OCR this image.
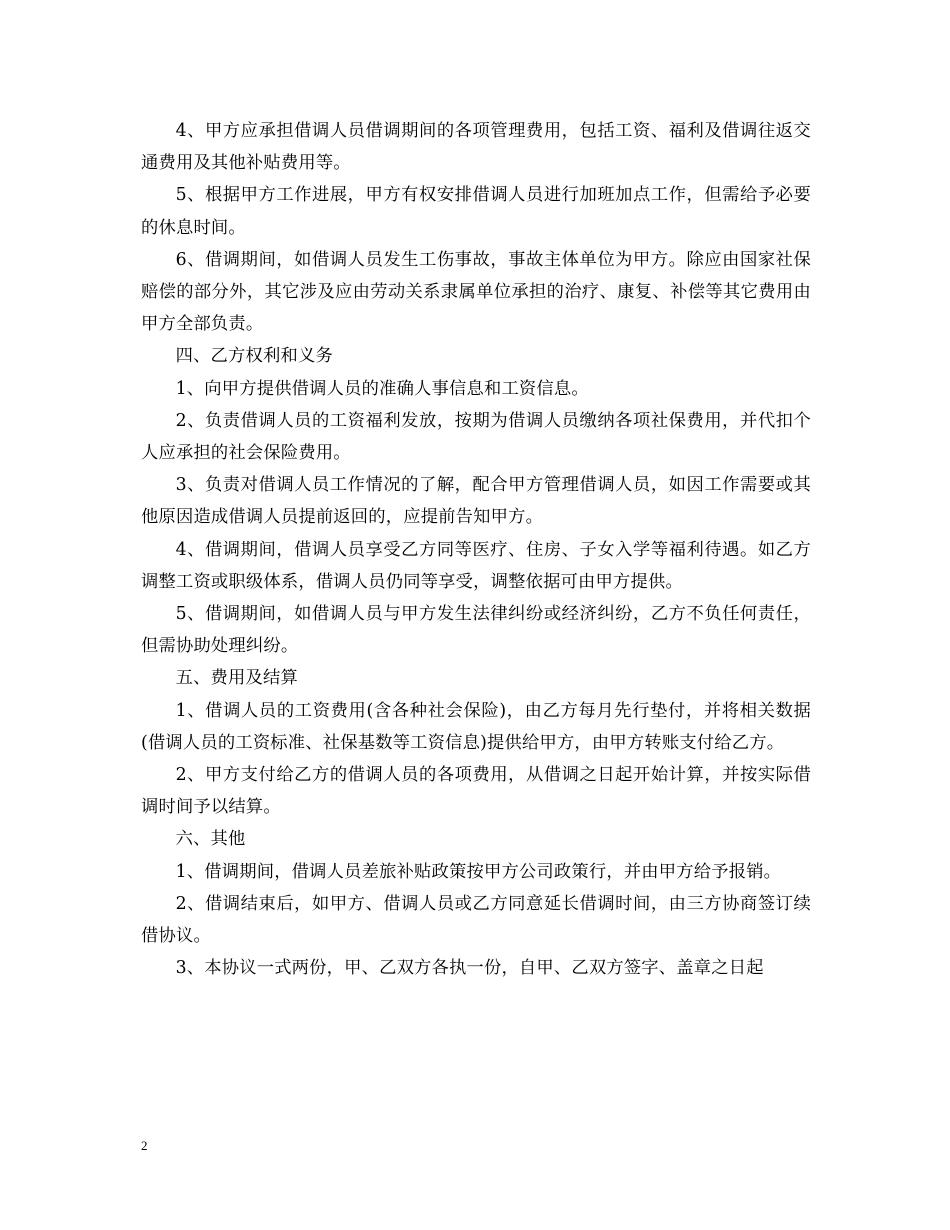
4、甲方应承担借调人员借调期间的各项管理费用，包括工资、福利及借调往返交通费用及其他补贴费用等。

5、根据甲方工作进展，甲方有权安排借调人员进行加班加点工作，但需给予必要的休息时间。

6、借调期间，如借调人员发生工伤事故，事故主体单位为甲方。除应由国家社保赔偿的部分外，其它涉及应由劳动关系隶属单位承担的治疗、康复、补偿等其它费用由甲方全部负责。

四、乙方权利和义务

1、向甲方提供借调人员的准确人事信息和工资信息。

2、负责借调人员的工资福利发放，按期为借调人员缴纳各项社保费用，并代扣个人应承担的社会保险费用。

3、负责对借调人员工作情况的了解，配合甲方管理借调人员，如因工作需要或其他原因造成借调人员提前返回的，应提前告知甲方。

4、借调期间，借调人员享受乙方同等医疗、住房、子女入学等福利待遇。如乙方调整工资或职级体系，借调人员仍同等享受，调整依据可由甲方提供。

5、借调期间，如借调人员与甲方发生法律纠纷或经济纠纷，乙方不负任何责任，但需协助处理纠纷。

五、费用及结算

1、借调人员的工资费用(含各种社会保险)，由乙方每月先行垫付，并将相关数据(借调人员的工资标准、社保基数等工资信息)提供给甲方，由甲方转账支付给乙方。

2、甲方支付给乙方的借调人员的各项费用，从借调之日起开始计算，并按实际借调时间予以结算。

六、其他

1、借调期间，借调人员差旅补贴政策按甲方公司政策行，并由甲方给予报销。

2、借调结束后，如甲方、借调人员或乙方同意延长借调时间，由三方协商签订续借协议。

3、本协议一式两份，甲、乙双方各执一份，自甲、乙双方签字、盖章之日起

2
